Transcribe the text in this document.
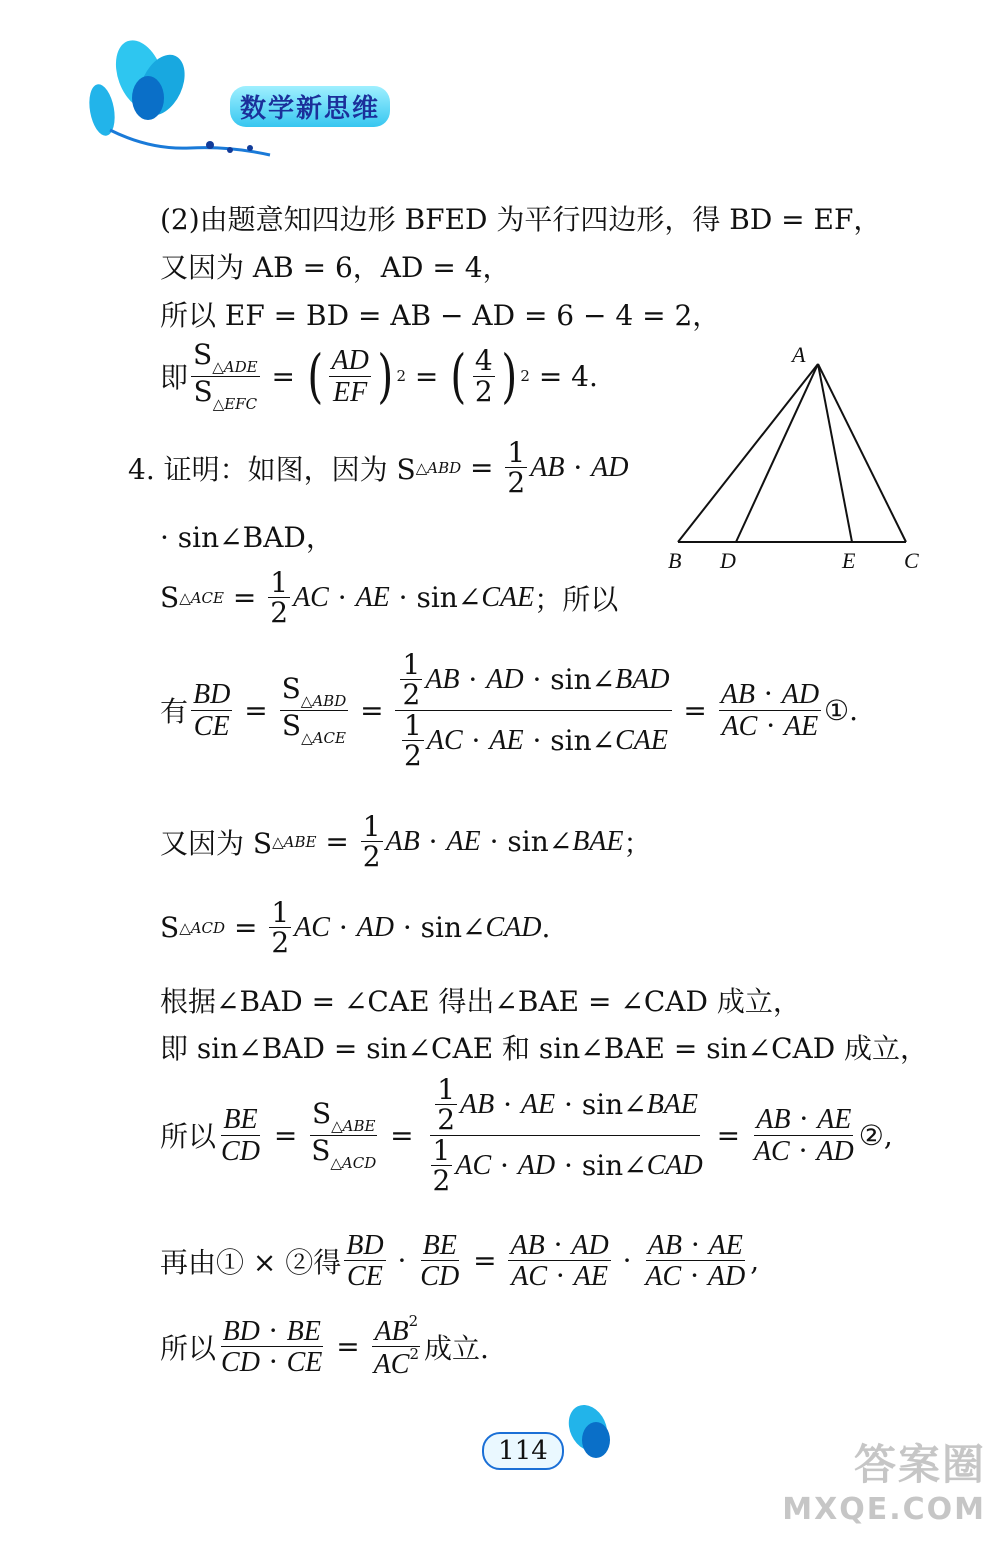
数学新思维
(2)由题意知四边形 BFED 为平行四边形，得 BD = EF，
又因为 AB = 6，AD = 4，
所以 EF = BD = AB − AD = 6 − 4 = 2，
即 $\frac{S_{\triangle ADE}}{S_{\triangle EFC}}$ = ( $\frac{AD}{EF}$ ) 2 = ( $\frac{4}{2}$ ) 2
= 4.
A
B D	E C
4. 证明：如图，因为 S △ABD = $\frac{1}{2}$ AB · AD
· sin∠BAD，
S △ACE = $\frac{1}{2}$ AC · AE · sin∠ CAE ； 所以
有 $\frac{BD}{CE} = \frac{S_{\triangle ABD}}{S_{\triangle ACE}} = \frac{\frac{1}{2} AB \cdot AD \cdot \sin\angle BAD}{\frac{1}{2} AC \cdot AE \cdot \sin\angle CAE} = \frac{AB \cdot AD}{AC \cdot AE}$ ①.
又因为 S △ABE = $\frac{1}{2}$ AB · AE · sin∠ BAE ；
S △ACD = $\frac{1}{2}$ AC · AD · sin∠ CAD .
根据∠BAD = ∠CAE 得出∠BAE = ∠CAD 成立，
即 sin∠BAD = sin∠CAE 和 sin∠BAE = sin∠CAD 成立，
所以 $\frac{BE}{CD} = \frac{S_{\triangle ABE}}{S_{\triangle ACD}} = \frac{\frac{1}{2} AB \cdot AE \cdot \sin\angle BAE}{\frac{1}{2} AC \cdot AD \cdot \sin\angle CAD} = \frac{AB \cdot AE}{AC \cdot AD}$ ②,
再由① × ②得 $\frac{BD}{CE} \cdot \frac{BE}{CD} = \frac{AB \cdot AD}{AC \cdot AE} \cdot \frac{AB \cdot AE}{AC \cdot AD}$ ,
所以 $\frac{BD \cdot BE}{CD \cdot CE} = \frac{AB^2}{AC^2}$ 成立.
114	答案圈
MXQE.COM
